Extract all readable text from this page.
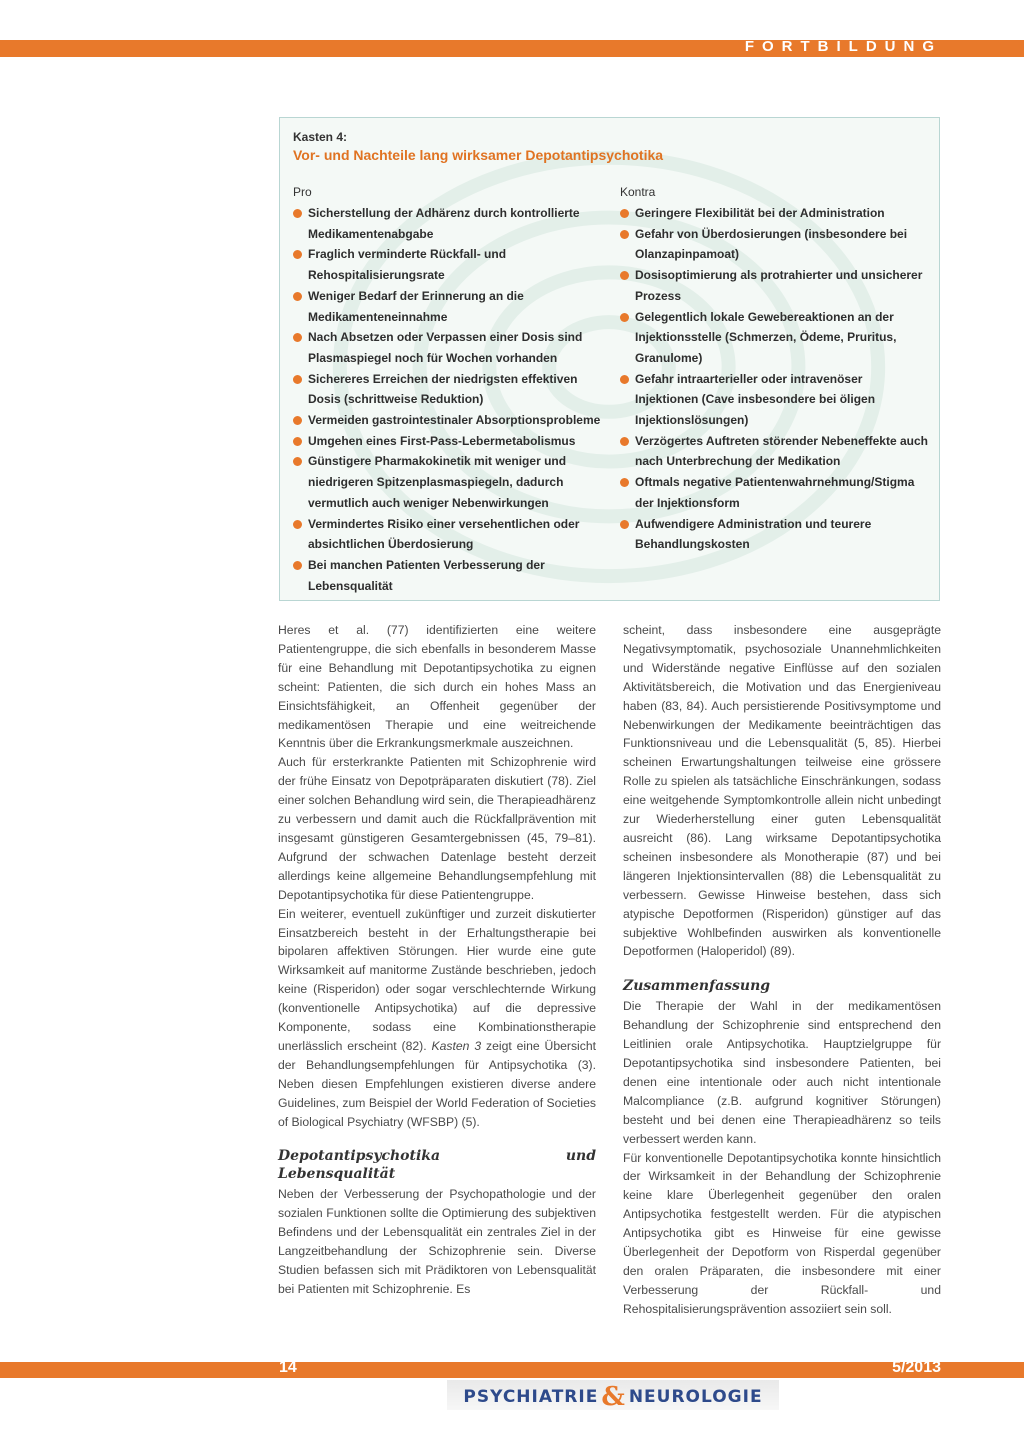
FORTBILDUNG
Kasten 4:
Vor- und Nachteile lang wirksamer Depotantipsychotika
Pro
Sicherstellung der Adhärenz durch kontrollierte Medikamentenabgabe
Fraglich verminderte Rückfall- und Rehospitalisierungsrate
Weniger Bedarf der Erinnerung an die Medikamenteneinnahme
Nach Absetzen oder Verpassen einer Dosis sind Plasmaspiegel noch für Wochen vorhanden
Sichereres Erreichen der niedrigsten effektiven Dosis (schrittweise Reduktion)
Vermeiden gastrointestinaler Absorptionsprobleme
Umgehen eines First-Pass-Lebermetabolismus
Günstigere Pharmakokinetik mit weniger und niedrigeren Spitzenplasmaspiegeln, dadurch vermutlich auch weniger Nebenwirkungen
Vermindertes Risiko einer versehentlichen oder absichtlichen Überdosierung
Bei manchen Patienten Verbesserung der Lebensqualität
Kontra
Geringere Flexibilität bei der Administration
Gefahr von Überdosierungen (insbesondere bei Olanzapinpamoat)
Dosisoptimierung als protrahierter und unsicherer Prozess
Gelegentlich lokale Gewebereaktionen an der Injektionsstelle (Schmerzen, Ödeme, Pruritus, Granulome)
Gefahr intraarterieller oder intravenöser Injektionen (Cave insbesondere bei öligen Injektionslösungen)
Verzögertes Auftreten störender Nebeneffekte auch nach Unterbrechung der Medikation
Oftmals negative Patientenwahrnehmung/Stigma der Injektionsform
Aufwendigere Administration und teurere Behandlungskosten

Heres et al. (77) identifizierten eine weitere Patientengruppe, die sich ebenfalls in besonderem Masse für eine Behandlung mit Depotantipsychotika zu eignen scheint: Patienten, die sich durch ein hohes Mass an Einsichtsfähigkeit, an Offenheit gegenüber der medikamentösen Therapie und eine weitreichende Kenntnis über die Erkrankungsmerkmale auszeichnen.

Auch für ersterkrankte Patienten mit Schizophrenie wird der frühe Einsatz von Depotpräparaten diskutiert (78). Ziel einer solchen Behandlung wird sein, die Therapieadhärenz zu verbessern und damit auch die Rückfallprävention mit insgesamt günstigeren Gesamtergebnissen (45, 79–81). Aufgrund der schwachen Datenlage besteht derzeit allerdings keine allgemeine Behandlungsempfehlung mit Depotantipsychotika für diese Patientengruppe.

Ein weiterer, eventuell zukünftiger und zurzeit diskutierter Einsatzbereich besteht in der Erhaltungstherapie bei bipolaren affektiven Störungen. Hier wurde eine gute Wirksamkeit auf manitorme Zustände beschrieben, jedoch keine (Risperidon) oder sogar verschlechternde Wirkung (konventionelle Antipsychotika) auf die depressive Komponente, sodass eine Kombinationstherapie unerlässlich erscheint (82). Kasten 3 zeigt eine Übersicht der Behandlungsempfehlungen für Antipsychotika (3). Neben diesen Empfehlungen existieren diverse andere Guidelines, zum Beispiel der World Federation of Societies of Biological Psychiatry (WFSBP) (5).

Depotantipsychotika und Lebensqualität

Neben der Verbesserung der Psychopathologie und der sozialen Funktionen sollte die Optimierung des subjektiven Befindens und der Lebensqualität ein zentrales Ziel in der Langzeitbehandlung der Schizophrenie sein. Diverse Studien befassen sich mit Prädiktoren von Lebensqualität bei Patienten mit Schizophrenie. Es

scheint, dass insbesondere eine ausgeprägte Negativsymptomatik, psychosoziale Unannehmlichkeiten und Widerstände negative Einflüsse auf den sozialen Aktivitätsbereich, die Motivation und das Energieniveau haben (83, 84). Auch persistierende Positivsymptome und Nebenwirkungen der Medikamente beeinträchtigen das Funktionsniveau und die Lebensqualität (5, 85). Hierbei scheinen Erwartungshaltungen teilweise eine grössere Rolle zu spielen als tatsächliche Einschränkungen, sodass eine weitgehende Symptomkontrolle allein nicht unbedingt zur Wiederherstellung einer guten Lebensqualität ausreicht (86). Lang wirksame Depotantipsychotika scheinen insbesondere als Monotherapie (87) und bei längeren Injektionsintervallen (88) die Lebensqualität zu verbessern. Gewisse Hinweise bestehen, dass sich atypische Depotformen (Risperidon) günstiger auf das subjektive Wohlbefinden auswirken als konventionelle Depotformen (Haloperidol) (89).

Zusammenfassung

Die Therapie der Wahl in der medikamentösen Behandlung der Schizophrenie sind entsprechend den Leitlinien orale Antipsychotika. Hauptzielgruppe für Depotantipsychotika sind insbesondere Patienten, bei denen eine intentionale oder auch nicht intentionale Malcompliance (z.B. aufgrund kognitiver Störungen) besteht und bei denen eine Therapieadhärenz so teils verbessert werden kann.

Für konventionelle Depotantipsychotika konnte hinsichtlich der Wirksamkeit in der Behandlung der Schizophrenie keine klare Überlegenheit gegenüber den oralen Antipsychotika festgestellt werden. Für die atypischen Antipsychotika gibt es Hinweise für eine gewisse Überlegenheit der Depotform von Risperdal gegenüber den oralen Präparaten, die insbesondere mit einer Verbesserung der Rückfall- und Rehospitalisierungsprävention assoziiert sein soll.

14	5/2013
PSYCHIATRIE & NEUROLOGIE
